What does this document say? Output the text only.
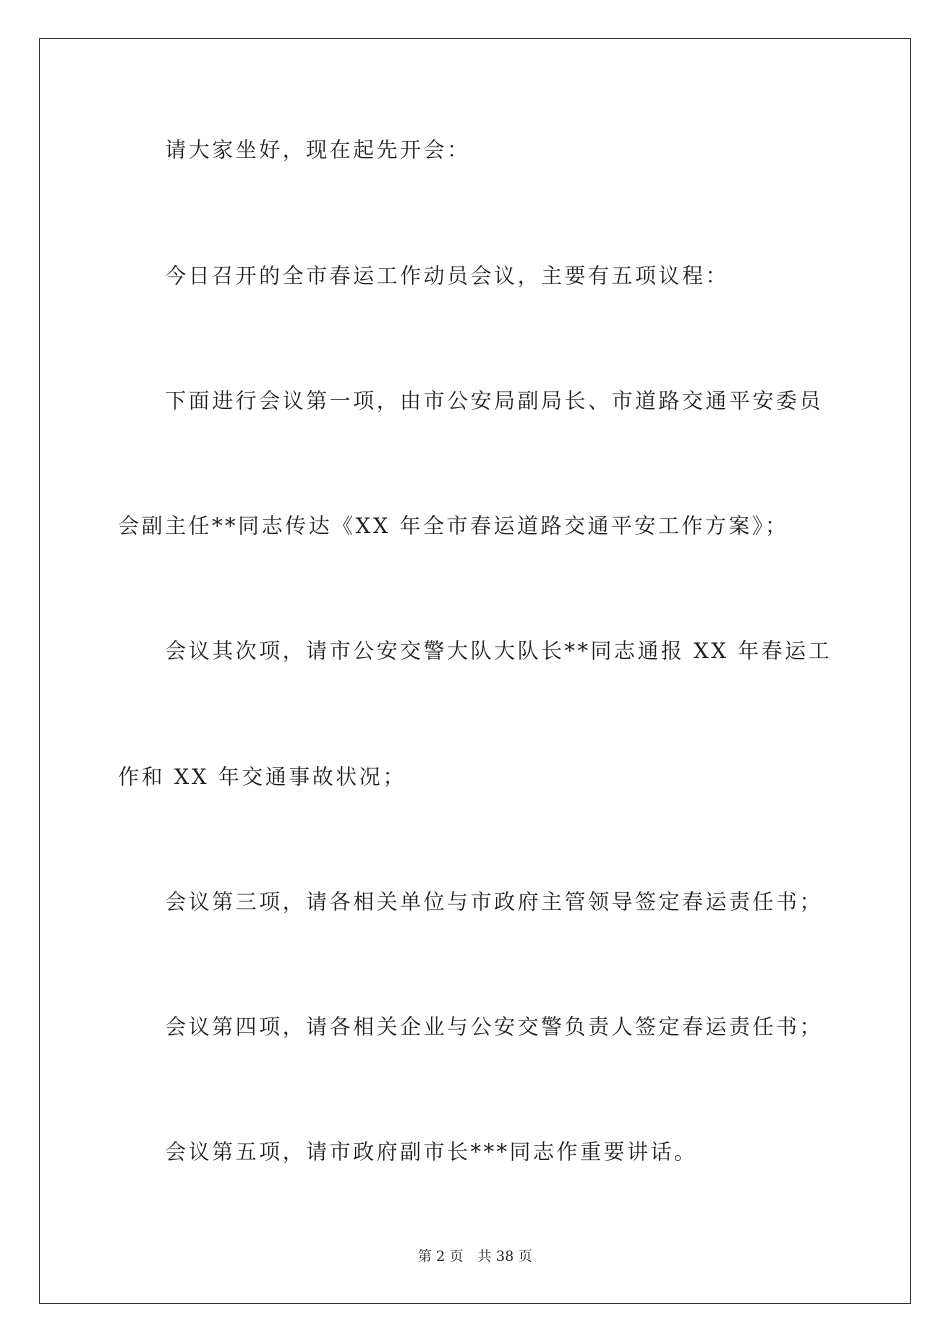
请大家坐好，现在起先开会：
今日召开的全市春运工作动员会议，主要有五项议程：
下面进行会议第一项，由市公安局副局长、市道路交通平安委员
会副主任**同志传达《XX 年全市春运道路交通平安工作方案》；
会议其次项，请市公安交警大队大队长**同志通报 XX 年春运工
作和 XX 年交通事故状况；
会议第三项，请各相关单位与市政府主管领导签定春运责任书；
会议第四项，请各相关企业与公安交警负责人签定春运责任书；
会议第五项，请市政府副市长***同志作重要讲话。
第 2 页 共 38 页
